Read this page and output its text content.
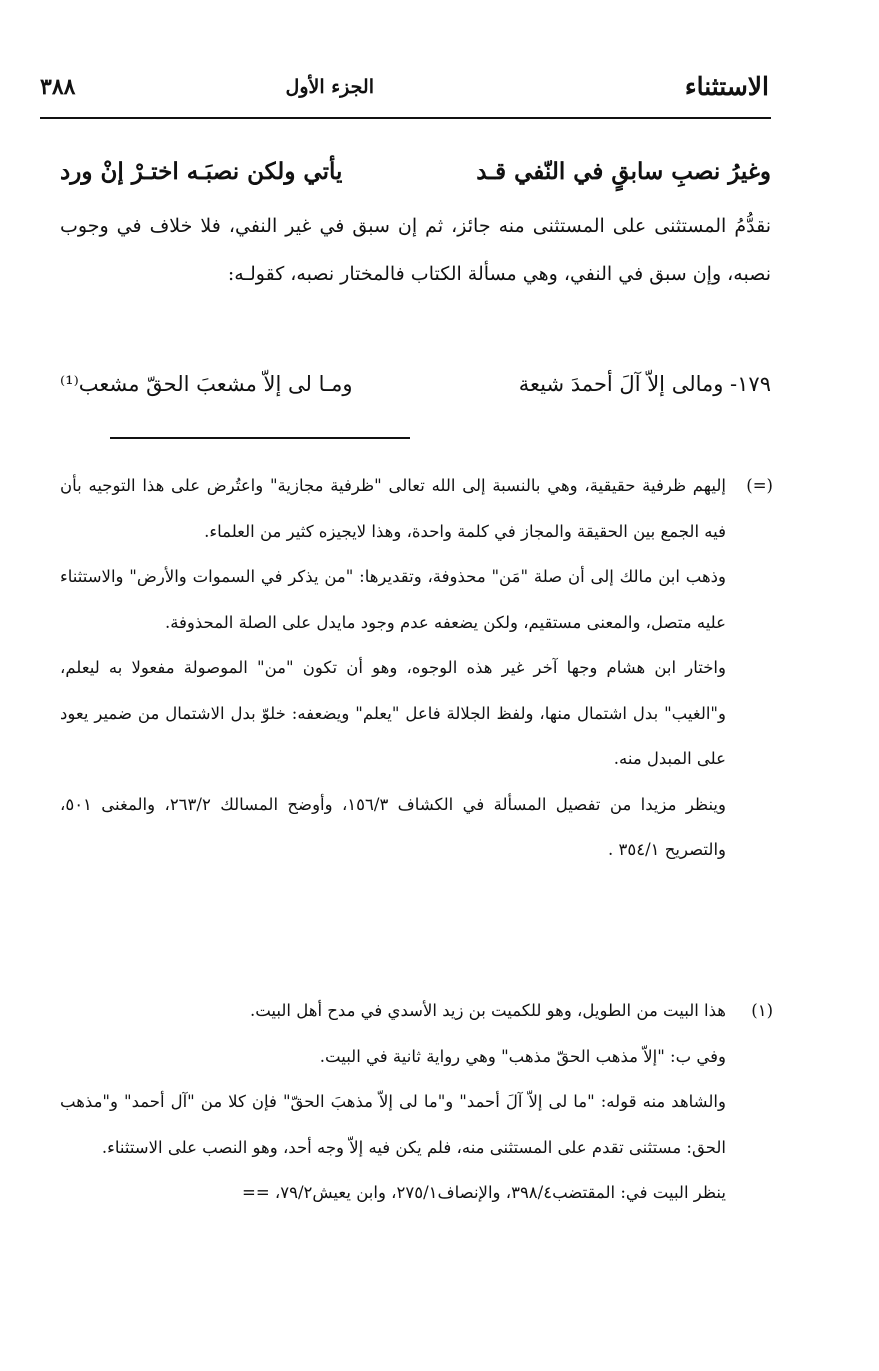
الاستثناء
الجزء الأول
٣٨٨
وغيرُ نصبِ سابقٍ في النّفي قـد
يأتي ولكن نصبَـه اختـرْ إنْ ورد
نقدُّمُ المستثنى على المستثنى منه جائز، ثم إن سبق في غير النفي، فلا خلاف في وجوب نصبه، وإن سبق في النفي، وهي مسألة الكتاب فالمختار نصبه، كقولـه:
١٧٩- ومالى إلاّ آلَ أحمدَ شيعة
ومـا لى إلاّ مشعبَ الحقّ مشعب⁽¹⁾
(=)

إليهم ظرفية حقيقية، وهي بالنسبة إلى الله تعالى "ظرفية مجازية" واعتُرض على هذا التوجيه بأن فيه الجمع بين الحقيقة والمجاز في كلمة واحدة، وهذا لايجيزه كثير من العلماء.

وذهب ابن مالك إلى أن صلة "مَن" محذوفة، وتقديرها: "من يذكر في السموات والأرض" والاستثناء عليه متصل، والمعنى مستقيم، ولكن يضعفه عدم وجود مايدل على الصلة المحذوفة.

واختار ابن هشام وجها آخر غير هذه الوجوه، وهو أن تكون "من" الموصولة مفعولا به ليعلم، و"الغيب" بدل اشتمال منها، ولفظ الجلالة فاعل "يعلم" ويضعفه: خلوّ بدل الاشتمال من ضمير يعود على المبدل منه.

وينظر مزيدا من تفصيل المسألة في الكشاف ١٥٦/٣، وأوضح المسالك ٢٦٣/٢، والمغنى ٥٠١، والتصريح ٣٥٤/١ .

(١)

هذا البيت من الطويل، وهو للكميت بن زيد الأسدي في مدح أهل البيت.

وفي ب: "إلاّ مذهب الحقّ مذهب" وهي رواية ثانية في البيت.

والشاهد منه قوله: "ما لى إلاّ آلَ أحمد" و"ما لى إلاّ مذهبَ الحقّ" فإن كلا من "آل أحمد" و"مذهب الحق: مستثنى تقدم على المستثنى منه، فلم يكن فيه إلاّ وجه أحد، وهو النصب على الاستثناء.

ينظر البيت في: المقتضب٣٩٨/٤، والإنصاف٢٧٥/١، وابن يعيش٧٩/٢، ==
